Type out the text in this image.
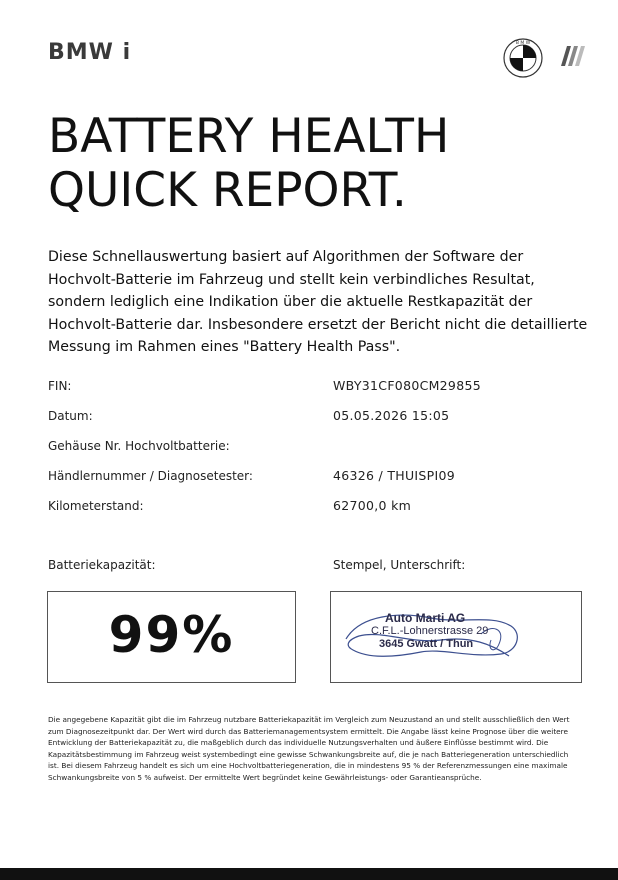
BMW i	B M W
BATTERY HEALTH
QUICK REPORT.

Diese Schnellauswertung basiert auf Algorithmen der Software der Hochvolt-Batterie im Fahrzeug und stellt kein verbindliches Resultat, sondern lediglich eine Indikation über die aktuelle Restkapazität der Hochvolt-Batterie dar. Insbesondere ersetzt der Bericht nicht die detaillierte Messung im Rahmen eines "Battery Health Pass".

FIN:	WBY31CF080CM29855
Datum:	05.05.2026 15:05
Gehäuse Nr. Hochvoltbatterie:
Händlernummer / Diagnosetester:	46326 / THUISPI09
Kilometerstand:	62700,0 km
Batteriekapazität:	Stempel, Unterschrift:
99%	Auto Marti AG
C.F.L.-Lohnerstrasse 29
3645 Gwatt / Thun

Die angegebene Kapazität gibt die im Fahrzeug nutzbare Batteriekapazität im Vergleich zum Neuzustand an und stellt ausschließlich den Wert zum Diagnosezeitpunkt dar. Der Wert wird durch das Batteriemanagementsystem ermittelt. Die Angabe lässt keine Prognose über die weitere Entwicklung der Batteriekapazität zu, die maßgeblich durch das individuelle Nutzungsverhalten und äußere Einflüsse bestimmt wird. Die Kapazitätsbestimmung im Fahrzeug weist systembedingt eine gewisse Schwankungsbreite auf, die je nach Batteriegeneration unterschiedlich ist. Bei diesem Fahrzeug handelt es sich um eine Hochvoltbatteriegeneration, die in mindestens 95 % der Referenzmessungen eine maximale Schwankungsbreite von 5 % aufweist. Der ermittelte Wert begründet keine Gewährleistungs- oder Garantieansprüche.
